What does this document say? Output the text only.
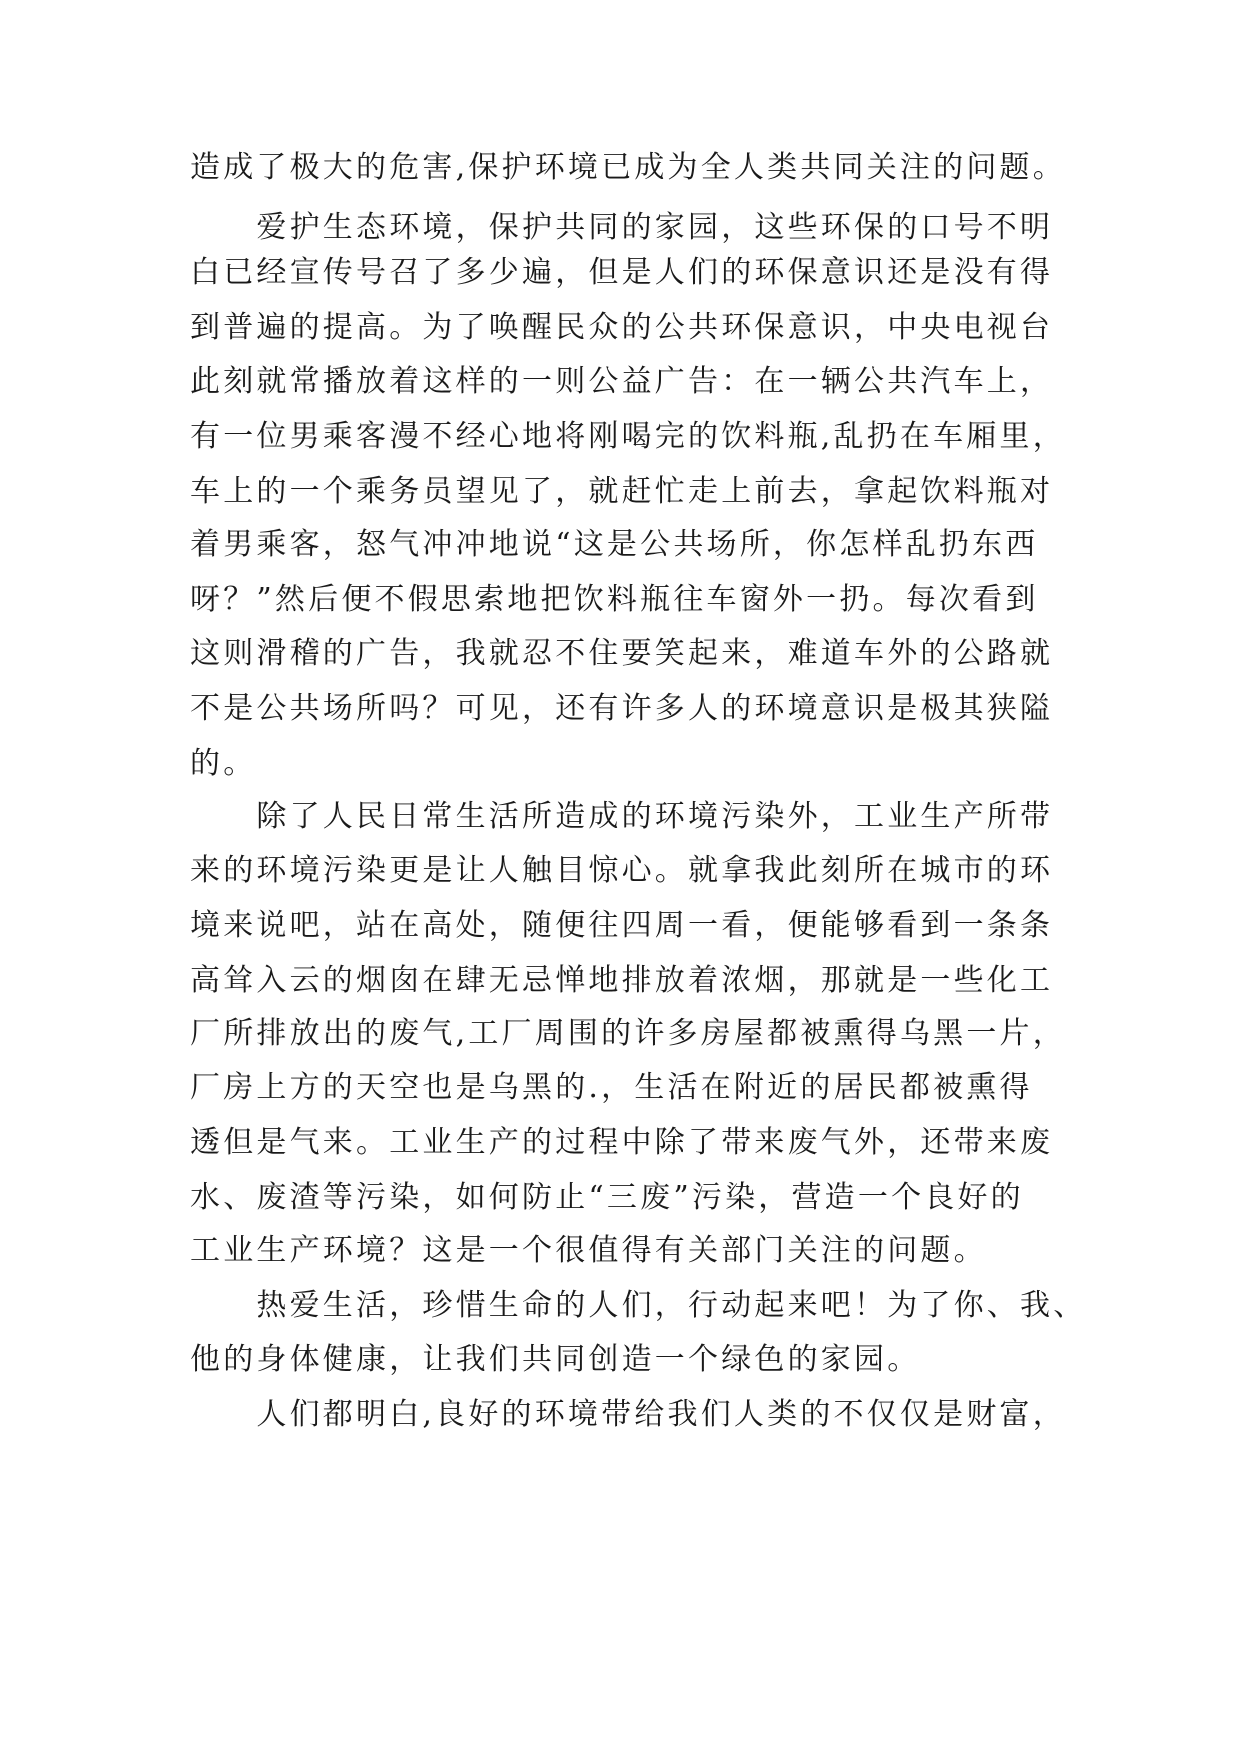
造成了极大的危害,保护环境已成为全人类共同关注的问题。
　　爱护生态环境，保护共同的家园，这些环保的口号不明
白已经宣传号召了多少遍，但是人们的环保意识还是没有得
到普遍的提高。为了唤醒民众的公共环保意识，中央电视台
此刻就常播放着这样的一则公益广告：在一辆公共汽车上，
有一位男乘客漫不经心地将刚喝完的饮料瓶,乱扔在车厢里，
车上的一个乘务员望见了，就赶忙走上前去，拿起饮料瓶对
着男乘客，怒气冲冲地说“这是公共场所，你怎样乱扔东西
呀？”然后便不假思索地把饮料瓶往车窗外一扔。每次看到
这则滑稽的广告，我就忍不住要笑起来，难道车外的公路就
不是公共场所吗？可见，还有许多人的环境意识是极其狭隘
的。
　　除了人民日常生活所造成的环境污染外，工业生产所带
来的环境污染更是让人触目惊心。就拿我此刻所在城市的环
境来说吧，站在高处，随便往四周一看，便能够看到一条条
高耸入云的烟囱在肆无忌惮地排放着浓烟，那就是一些化工
厂所排放出的废气,工厂周围的许多房屋都被熏得乌黑一片，
厂房上方的天空也是乌黑的.，生活在附近的居民都被熏得
透但是气来。工业生产的过程中除了带来废气外，还带来废
水、废渣等污染，如何防止“三废”污染，营造一个良好的
工业生产环境？这是一个很值得有关部门关注的问题。
　　热爱生活，珍惜生命的人们，行动起来吧！为了你、我、
他的身体健康，让我们共同创造一个绿色的家园。
　　人们都明白,良好的环境带给我们人类的不仅仅是财富，
